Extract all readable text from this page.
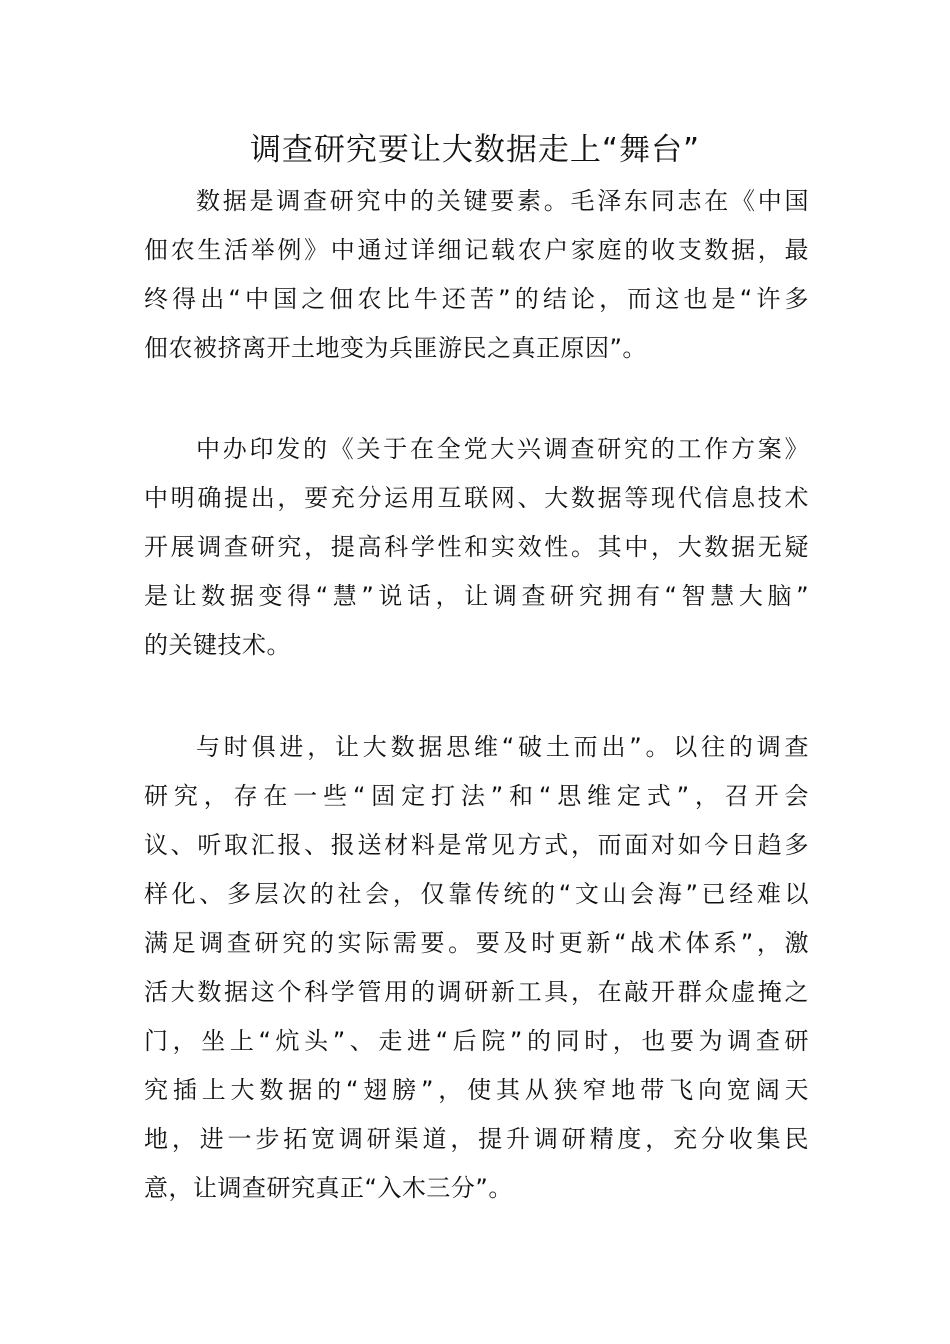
调查研究要让大数据走上“舞台”
数据是调查研究中的关键要素。毛泽东同志在《中国
佃农生活举例》中通过详细记载农户家庭的收支数据，最
终得出“中国之佃农比牛还苦”的结论，而这也是“许多
佃农被挤离开土地变为兵匪游民之真正原因”。
中办印发的《关于在全党大兴调查研究的工作方案》
中明确提出，要充分运用互联网、大数据等现代信息技术
开展调查研究，提高科学性和实效性。其中，大数据无疑
是让数据变得“慧”说话，让调查研究拥有“智慧大脑”
的关键技术。
与时俱进，让大数据思维“破土而出”。以往的调查
研究，存在一些“固定打法”和“思维定式”，召开会
议、听取汇报、报送材料是常见方式，而面对如今日趋多
样化、多层次的社会，仅靠传统的“文山会海”已经难以
满足调查研究的实际需要。要及时更新“战术体系”，激
活大数据这个科学管用的调研新工具，在敲开群众虚掩之
门，坐上“炕头”、走进“后院”的同时，也要为调查研
究插上大数据的“翅膀”，使其从狭窄地带飞向宽阔天
地，进一步拓宽调研渠道，提升调研精度，充分收集民
意，让调查研究真正“入木三分”。
